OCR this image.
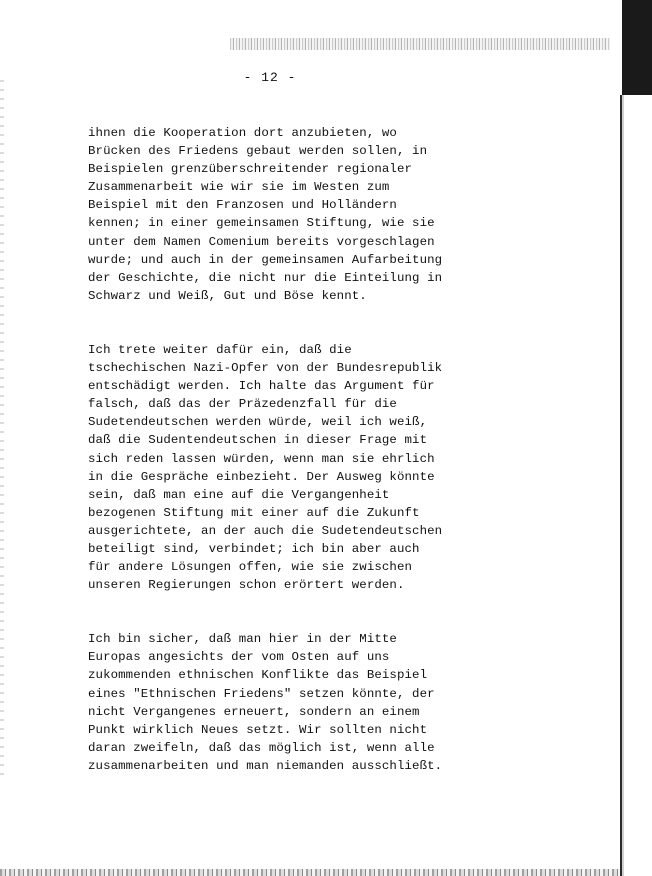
- 12 -

ihnen die Kooperation dort anzubieten, wo
Brücken des Friedens gebaut werden sollen, in
Beispielen grenzüberschreitender regionaler
Zusammenarbeit wie wir sie im Westen zum
Beispiel mit den Franzosen und Holländern
kennen; in einer gemeinsamen Stiftung, wie sie
unter dem Namen Comenium bereits vorgeschlagen
wurde; und auch in der gemeinsamen Aufarbeitung
der Geschichte, die nicht nur die Einteilung in
Schwarz und Weiß, Gut und Böse kennt.

Ich trete weiter dafür ein, daß die
tschechischen Nazi-Opfer von der Bundesrepublik
entschädigt werden. Ich halte das Argument für
falsch, daß das der Präzedenzfall für die
Sudetendeutschen werden würde, weil ich weiß,
daß die Sudentendeutschen in dieser Frage mit
sich reden lassen würden, wenn man sie ehrlich
in die Gespräche einbezieht. Der Ausweg könnte
sein, daß man eine auf die Vergangenheit
bezogenen Stiftung mit einer auf die Zukunft
ausgerichtete, an der auch die Sudetendeutschen
beteiligt sind, verbindet; ich bin aber auch
für andere Lösungen offen, wie sie zwischen
unseren Regierungen schon erörtert werden.

Ich bin sicher, daß man hier in der Mitte
Europas angesichts der vom Osten auf uns
zukommenden ethnischen Konflikte das Beispiel
eines "Ethnischen Friedens" setzen könnte, der
nicht Vergangenes erneuert, sondern an einem
Punkt wirklich Neues setzt. Wir sollten nicht
daran zweifeln, daß das möglich ist, wenn alle
zusammenarbeiten und man niemanden ausschließt.
